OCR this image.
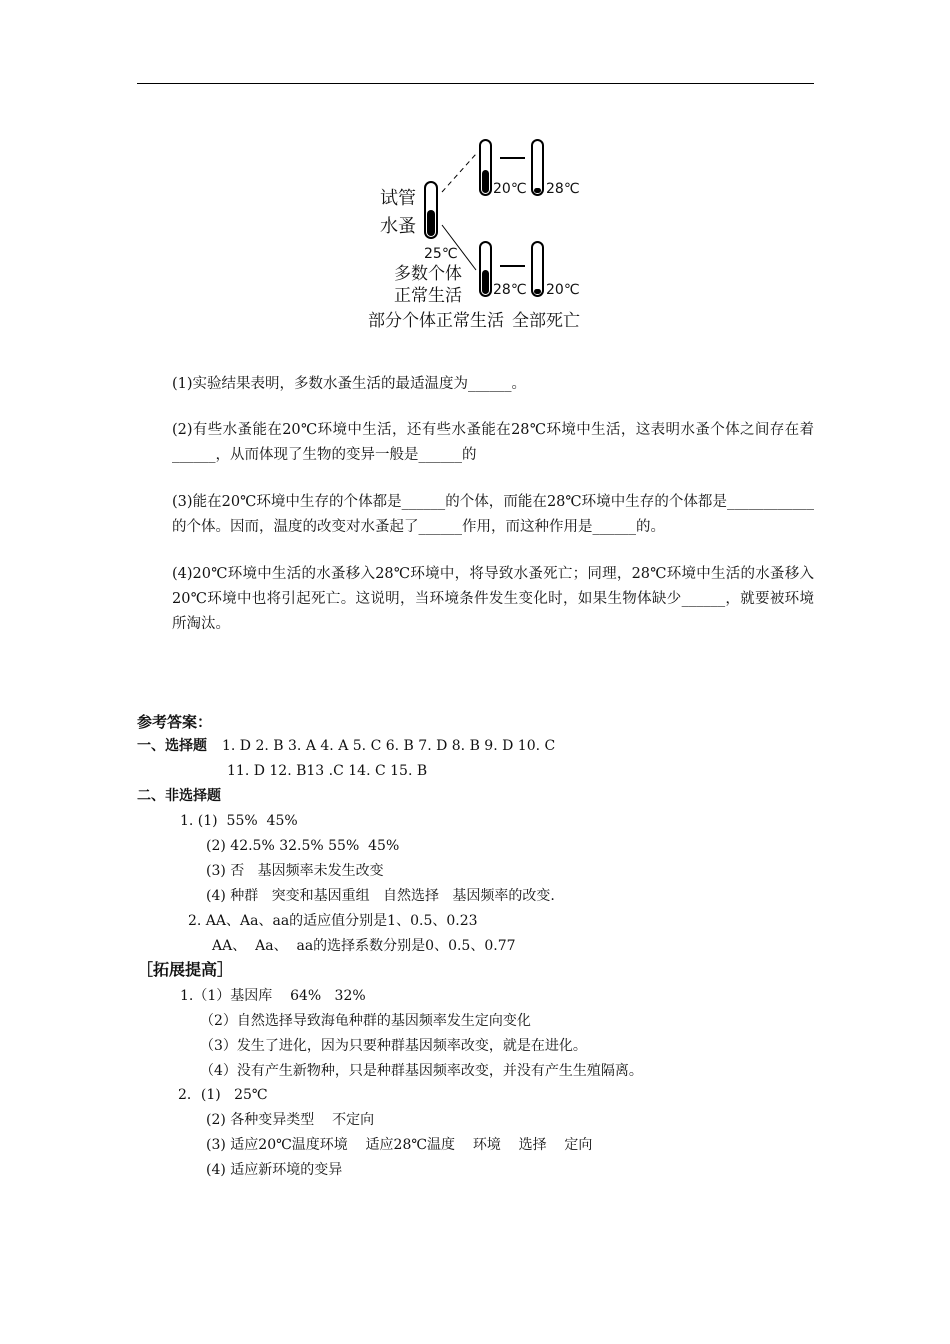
试管
水蚤
25℃
多数个体
正常生活
20℃ 28℃
28℃ 20℃
部分个体正常生活 全部死亡
(1)实验结果表明，多数水蚤生活的最适温度为______。
(2)有些水蚤能在20℃环境中生活，还有些水蚤能在28℃环境中生活，这表明水蚤个体之间存在着______，从而体现了生物的变异一般是______的
(3)能在20℃环境中生存的个体都是______的个体，而能在28℃环境中生存的个体都是____________的个体。因而，温度的改变对水蚤起了______作用，而这种作用是______的。
(4)20℃环境中生活的水蚤移入28℃环境中，将导致水蚤死亡；同理，28℃环境中生活的水蚤移入20℃环境中也将引起死亡。这说明，当环境条件发生变化时，如果生物体缺少______，就要被环境所淘汰。
参考答案：
一、选择题 1. D 2. B 3. A 4. A 5. C 6. B 7. D 8. B 9. D 10. C
11. D 12. B13 .C 14. C 15. B
二、非选择题
1. (1)  55%  45%
(2) 42.5% 32.5% 55%  45%
(3) 否   基因频率未发生改变
(4) 种群   突变和基因重组   自然选择   基因频率的改变.
2. AA、Aa、aa的适应值分别是1、0.5、0.23
AA、  Aa、  aa的选择系数分别是0、0.5、0.77
［拓展提高］
1.（1）基因库    64%   32%
（2）自然选择导致海龟种群的基因频率发生定向变化
（3）发生了进化，因为只要种群基因频率改变，就是在进化。
（4）没有产生新物种，只是种群基因频率改变，并没有产生生殖隔离。
2．(1)   25℃
(2) 各种变异类型    不定向
(3) 适应20℃温度环境    适应28℃温度    环境    选择    定向
(4) 适应新环境的变异
